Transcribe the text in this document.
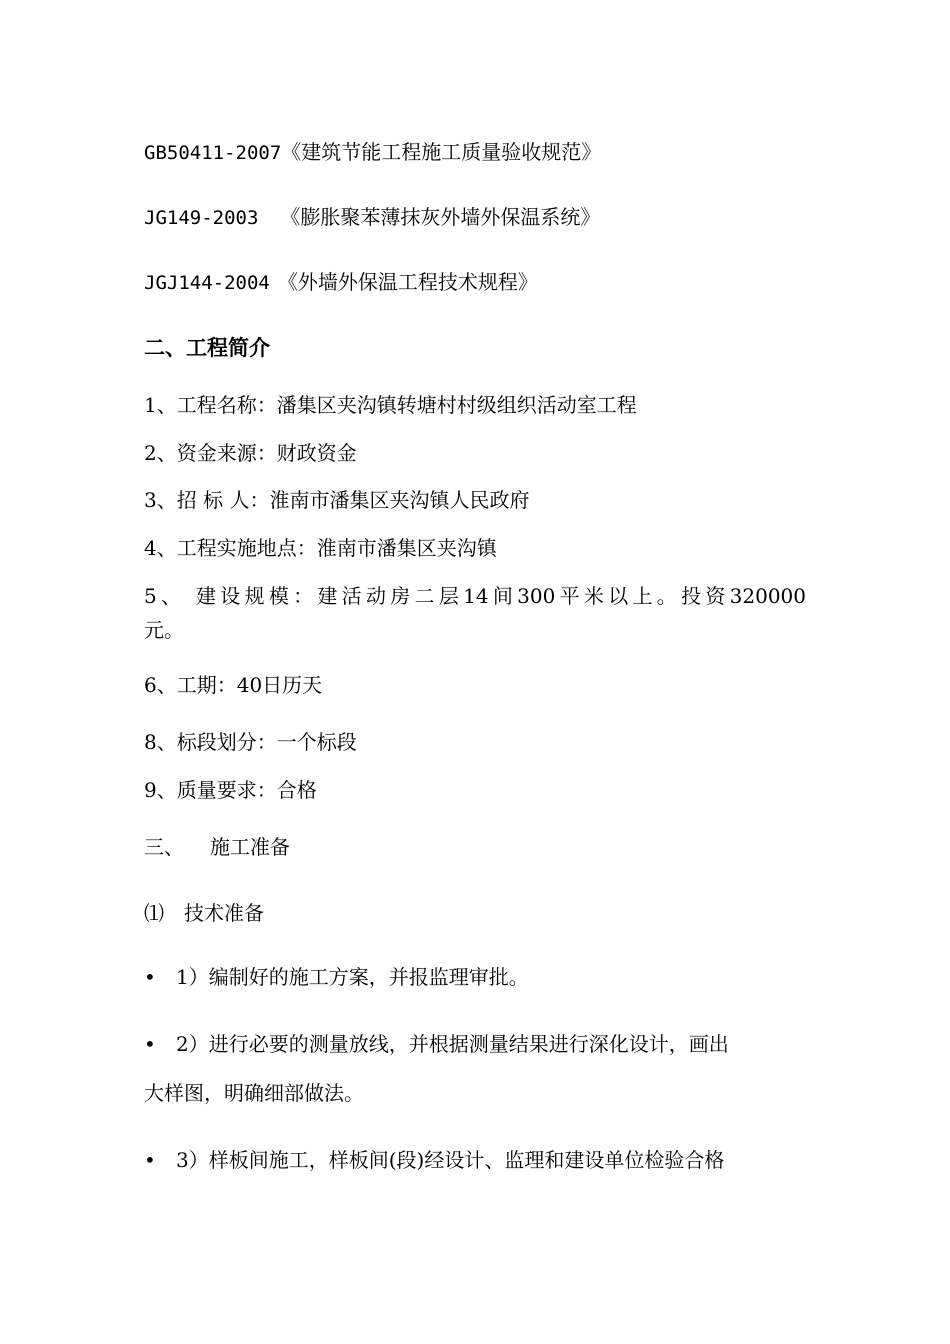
GB50411-2007《建筑节能工程施工质量验收规范》
JG149-2003 《膨胀聚苯薄抹灰外墙外保温系统》
JGJ144-2004 《外墙外保温工程技术规程》
二、工程简介
1、工程名称：潘集区夹沟镇转塘村村级组织活动室工程
2、资金来源：财政资金
3、招 标 人：淮南市潘集区夹沟镇人民政府
4、工程实施地点：淮南市潘集区夹沟镇
5、 建设规模：建活动房二层14间300平米以上。投资320000
元。
6、工期：40日历天
8、标段划分：一个标段
9、质量要求：合格
三、 施工准备
⑴ 技术准备
• 1）编制好的施工方案，并报监理审批。
• 2）进行必要的测量放线，并根据测量结果进行深化设计，画出
大样图，明确细部做法。
• 3）样板间施工，样板间(段)经设计、监理和建设单位检验合格
